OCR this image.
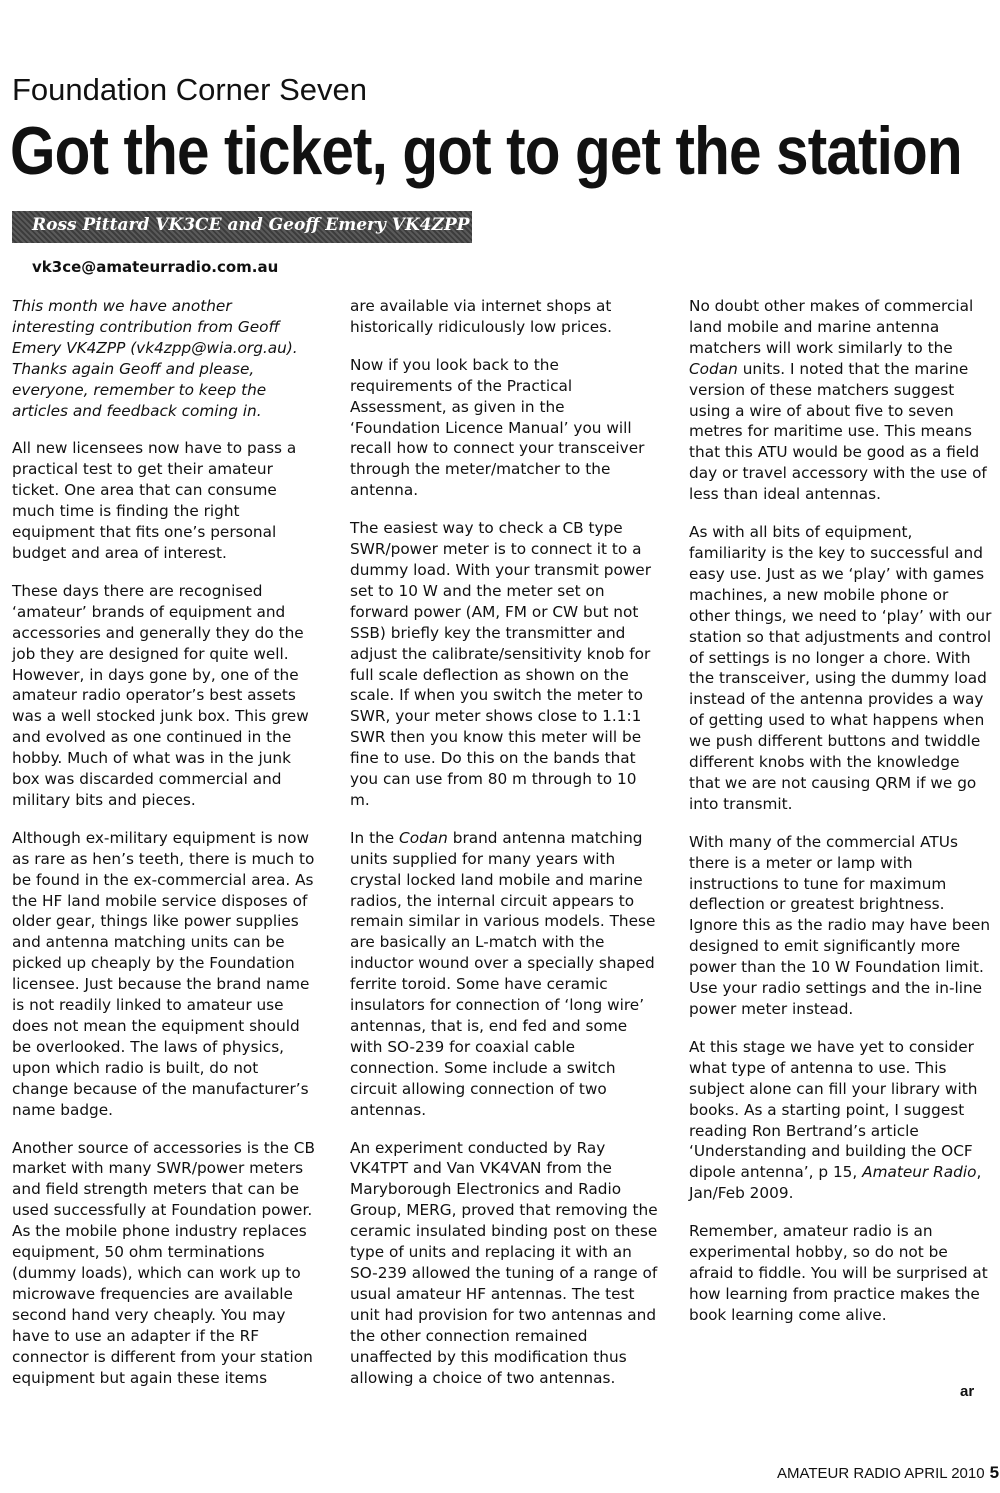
Foundation Corner Seven
Got the ticket, got to get the station
Ross Pittard VK3CE and Geoff Emery VK4ZPP
vk3ce@amateurradio.com.au

This month we have another interesting contribution from Geoff Emery VK4ZPP (vk4zpp@wia.org.au). Thanks again Geoff and please, everyone, remember to keep the articles and feedback coming in.

All new licensees now have to pass a practical test to get their amateur ticket. One area that can consume much time is finding the right equipment that fits one’s personal budget and area of interest.

These days there are recognised ‘amateur’ brands of equipment and accessories and generally they do the job they are designed for quite well. However, in days gone by, one of the amateur radio operator’s best assets was a well stocked junk box. This grew and evolved as one continued in the hobby. Much of what was in the junk box was discarded commercial and military bits and pieces.

Although ex-military equipment is now as rare as hen’s teeth, there is much to be found in the ex-commercial area. As the HF land mobile service disposes of older gear, things like power supplies and antenna matching units can be picked up cheaply by the Foundation licensee. Just because the brand name is not readily linked to amateur use does not mean the equipment should be overlooked. The laws of physics, upon which radio is built, do not change because of the manufacturer’s name badge.

Another source of accessories is the CB market with many SWR/power meters and field strength meters that can be used successfully at Foundation power. As the mobile phone industry replaces equipment, 50 ohm terminations (dummy loads), which can work up to microwave frequencies are available second hand very cheaply. You may have to use an adapter if the RF connector is different from your station equipment but again these items

are available via internet shops at historically ridiculously low prices.

Now if you look back to the requirements of the Practical Assessment, as given in the ‘Foundation Licence Manual’ you will recall how to connect your transceiver through the meter/matcher to the antenna.

The easiest way to check a CB type SWR/power meter is to connect it to a dummy load. With your transmit power set to 10 W and the meter set on forward power (AM, FM or CW but not SSB) briefly key the transmitter and adjust the calibrate/sensitivity knob for full scale deflection as shown on the scale. If when you switch the meter to SWR, your meter shows close to 1.1:1 SWR then you know this meter will be fine to use. Do this on the bands that you can use from 80 m through to 10 m.

In the Codan brand antenna matching units supplied for many years with crystal locked land mobile and marine radios, the internal circuit appears to remain similar in various models. These are basically an L-match with the inductor wound over a specially shaped ferrite toroid. Some have ceramic insulators for connection of ‘long wire’ antennas, that is, end fed and some with SO-239 for coaxial cable connection. Some include a switch circuit allowing connection of two antennas.

An experiment conducted by Ray VK4TPT and Van VK4VAN from the Maryborough Electronics and Radio Group, MERG, proved that removing the ceramic insulated binding post on these type of units and replacing it with an SO-239 allowed the tuning of a range of usual amateur HF antennas. The test unit had provision for two antennas and the other connection remained unaffected by this modification thus allowing a choice of two antennas.

No doubt other makes of commercial land mobile and marine antenna matchers will work similarly to the Codan units. I noted that the marine version of these matchers suggest using a wire of about five to seven metres for maritime use. This means that this ATU would be good as a field day or travel accessory with the use of less than ideal antennas.

As with all bits of equipment, familiarity is the key to successful and easy use. Just as we ‘play’ with games machines, a new mobile phone or other things, we need to ‘play’ with our station so that adjustments and control of settings is no longer a chore. With the transceiver, using the dummy load instead of the antenna provides a way of getting used to what happens when we push different buttons and twiddle different knobs with the knowledge that we are not causing QRM if we go into transmit.

With many of the commercial ATUs there is a meter or lamp with instructions to tune for maximum deflection or greatest brightness. Ignore this as the radio may have been designed to emit significantly more power than the 10 W Foundation limit. Use your radio settings and the in-line power meter instead.

At this stage we have yet to consider what type of antenna to use. This subject alone can fill your library with books. As a starting point, I suggest reading Ron Bertrand’s article ‘Understanding and building the OCF dipole antenna’, p 15, Amateur Radio, Jan/Feb 2009.

Remember, amateur radio is an experimental hobby, so do not be afraid to fiddle. You will be surprised at how learning from practice makes the book learning come alive.

ar
AMATEUR RADIO APRIL 2010 5
